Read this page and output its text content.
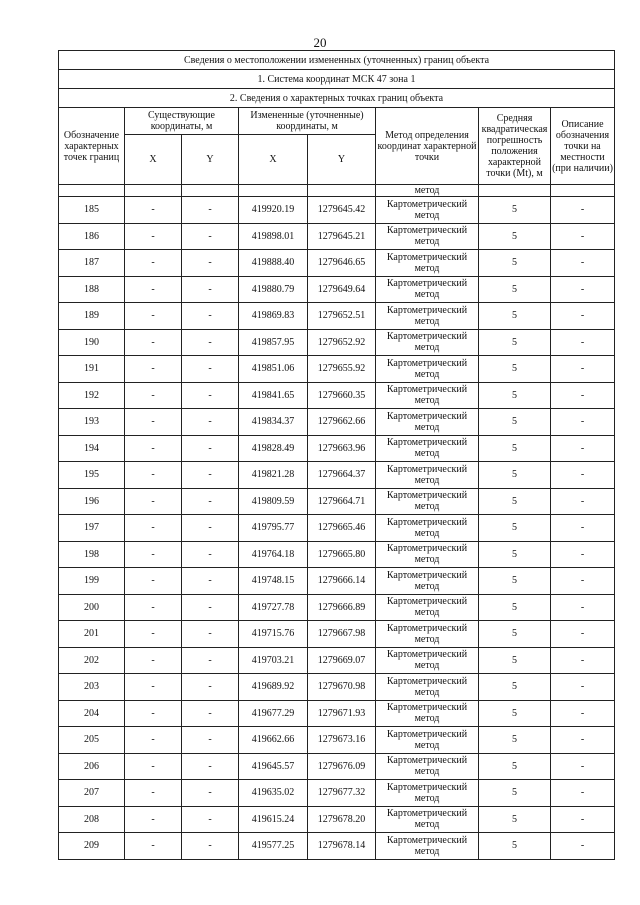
20
Сведения о местоположении измененных (уточненных) границ объекта							
1. Система координат МСК 47 зона 1							
2. Сведения о характерных точках границ объекта							
Обозначение характерных точек границ	Существующие координаты, м		Измененные (уточненные) координаты, м		Метод определения координат характерной точки	Средняя квадратическая погрешность положения характерной точки (Mt), м	Описание обозначения точки на местности (при наличии)
	X	Y	X	Y			
					метод		
185	-	-	419920.19	1279645.42	Картометрический метод	5	-
186	-	-	419898.01	1279645.21	Картометрический метод	5	-
187	-	-	419888.40	1279646.65	Картометрический метод	5	-
188	-	-	419880.79	1279649.64	Картометрический метод	5	-
189	-	-	419869.83	1279652.51	Картометрический метод	5	-
190	-	-	419857.95	1279652.92	Картометрический метод	5	-
191	-	-	419851.06	1279655.92	Картометрический метод	5	-
192	-	-	419841.65	1279660.35	Картометрический метод	5	-
193	-	-	419834.37	1279662.66	Картометрический метод	5	-
194	-	-	419828.49	1279663.96	Картометрический метод	5	-
195	-	-	419821.28	1279664.37	Картометрический метод	5	-
196	-	-	419809.59	1279664.71	Картометрический метод	5	-
197	-	-	419795.77	1279665.46	Картометрический метод	5	-
198	-	-	419764.18	1279665.80	Картометрический метод	5	-
199	-	-	419748.15	1279666.14	Картометрический метод	5	-
200	-	-	419727.78	1279666.89	Картометрический метод	5	-
201	-	-	419715.76	1279667.98	Картометрический метод	5	-
202	-	-	419703.21	1279669.07	Картометрический метод	5	-
203	-	-	419689.92	1279670.98	Картометрический метод	5	-
204	-	-	419677.29	1279671.93	Картометрический метод	5	-
205	-	-	419662.66	1279673.16	Картометрический метод	5	-
206	-	-	419645.57	1279676.09	Картометрический метод	5	-
207	-	-	419635.02	1279677.32	Картометрический метод	5	-
208	-	-	419615.24	1279678.20	Картометрический метод	5	-
209	-	-	419577.25	1279678.14	Картометрический метод	5	-
